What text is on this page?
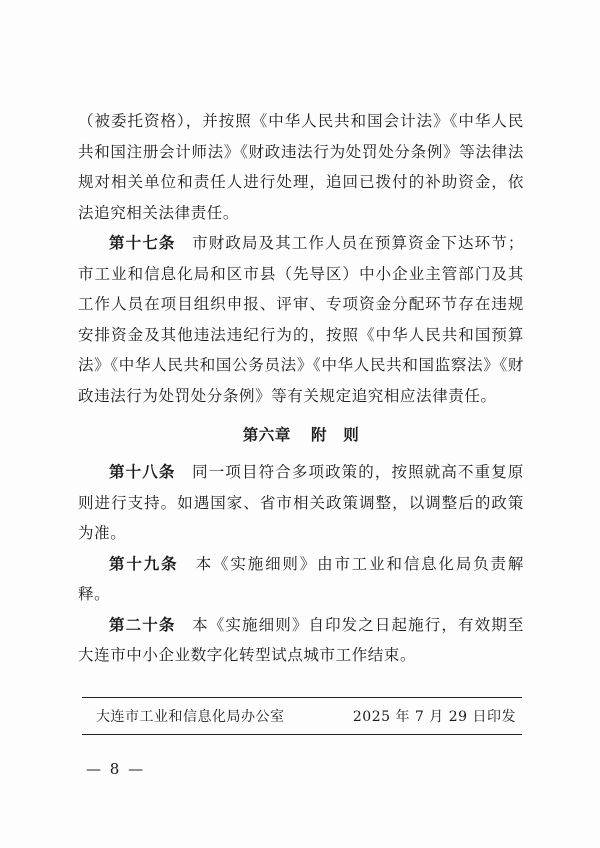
（被委托资格），并按照《中华人民共和国会计法》《中华人民共和国注册会计师法》《财政违法行为处罚处分条例》等法律法规对相关单位和责任人进行处理，追回已拨付的补助资金，依法追究相关法律责任。

第十七条　市财政局及其工作人员在预算资金下达环节；市工业和信息化局和区市县（先导区）中小企业主管部门及其工作人员在项目组织申报、评审、专项资金分配环节存在违规安排资金及其他违法违纪行为的，按照《中华人民共和国预算法》《中华人民共和国公务员法》《中华人民共和国监察法》《财政违法行为处罚处分条例》等有关规定追究相应法律责任。

第六章 附　则

第十八条　同一项目符合多项政策的，按照就高不重复原则进行支持。如遇国家、省市相关政策调整，以调整后的政策为准。

第十九条　本《实施细则》由市工业和信息化局负责解释。

第二十条　本《实施细则》自印发之日起施行，有效期至大连市中小企业数字化转型试点城市工作结束。

大连市工业和信息化局办公室	2025 年 7 月 29 日印发
— 8 —
